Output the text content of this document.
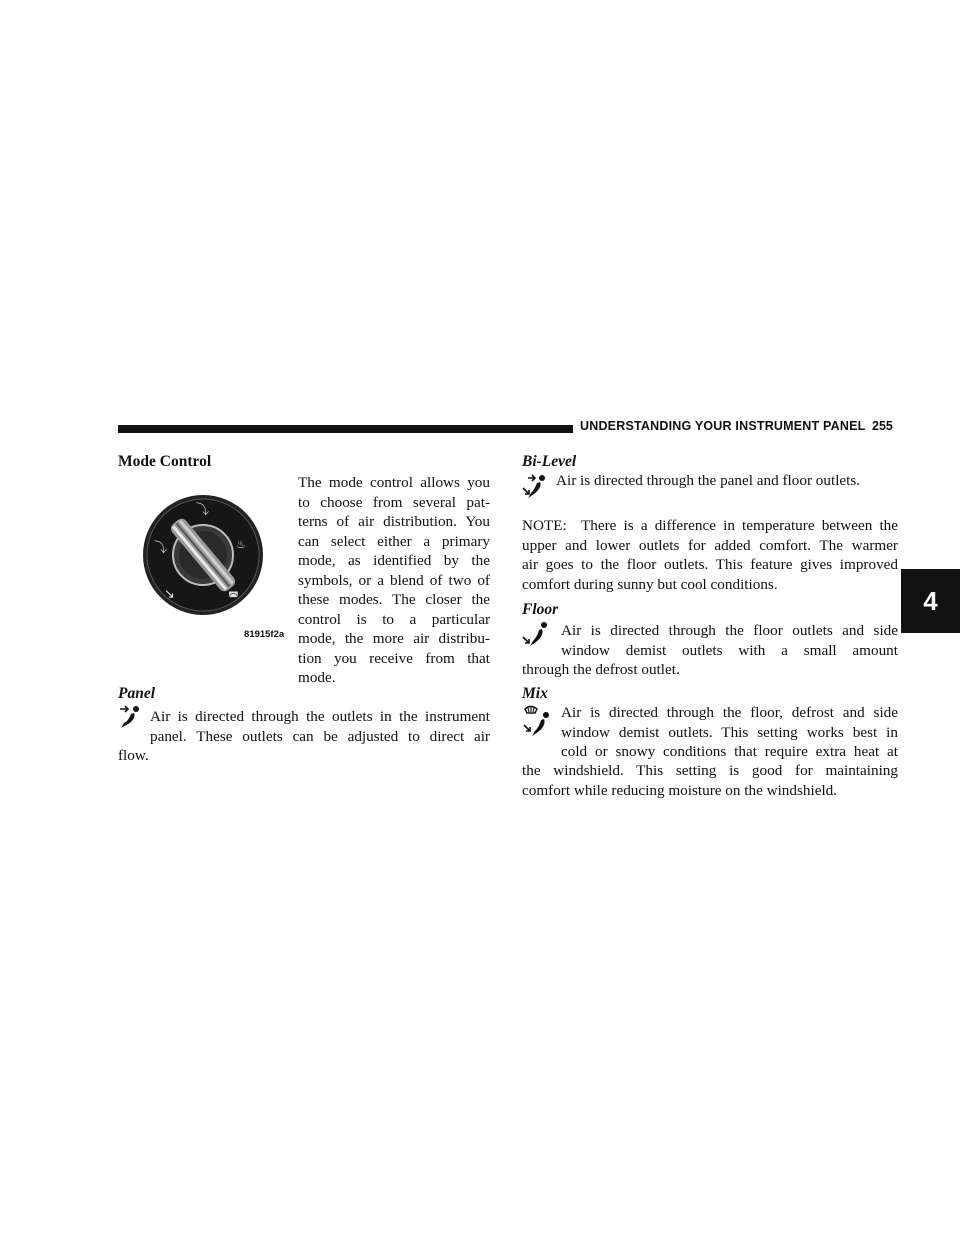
UNDERSTANDING YOUR INSTRUMENT PANEL 255
4
Mode Control
⤵
⤵	♨
↘	◚
81915f2a
The mode control allows you
to choose from several pat-
terns of air distribution. You
can select either a primary
mode, as identified by the
symbols, or a blend of two of
these modes. The closer the
control is to a particular
mode, the more air distribu-
tion you receive from that
mode.
Panel
Air is directed through the outlets in the instrument
panel. These outlets can be adjusted to direct air
flow.
Bi-Level
Air is directed through the panel and floor outlets.
NOTE: There is a difference in temperature between the
upper and lower outlets for added comfort. The warmer
air goes to the floor outlets. This feature gives improved
comfort during sunny but cool conditions.
Floor
Air is directed through the floor outlets and side
window demist outlets with a small amount
through the defrost outlet.
Mix
Air is directed through the floor, defrost and side
window demist outlets. This setting works best in
cold or snowy conditions that require extra heat at
the windshield. This setting is good for maintaining
comfort while reducing moisture on the windshield.
